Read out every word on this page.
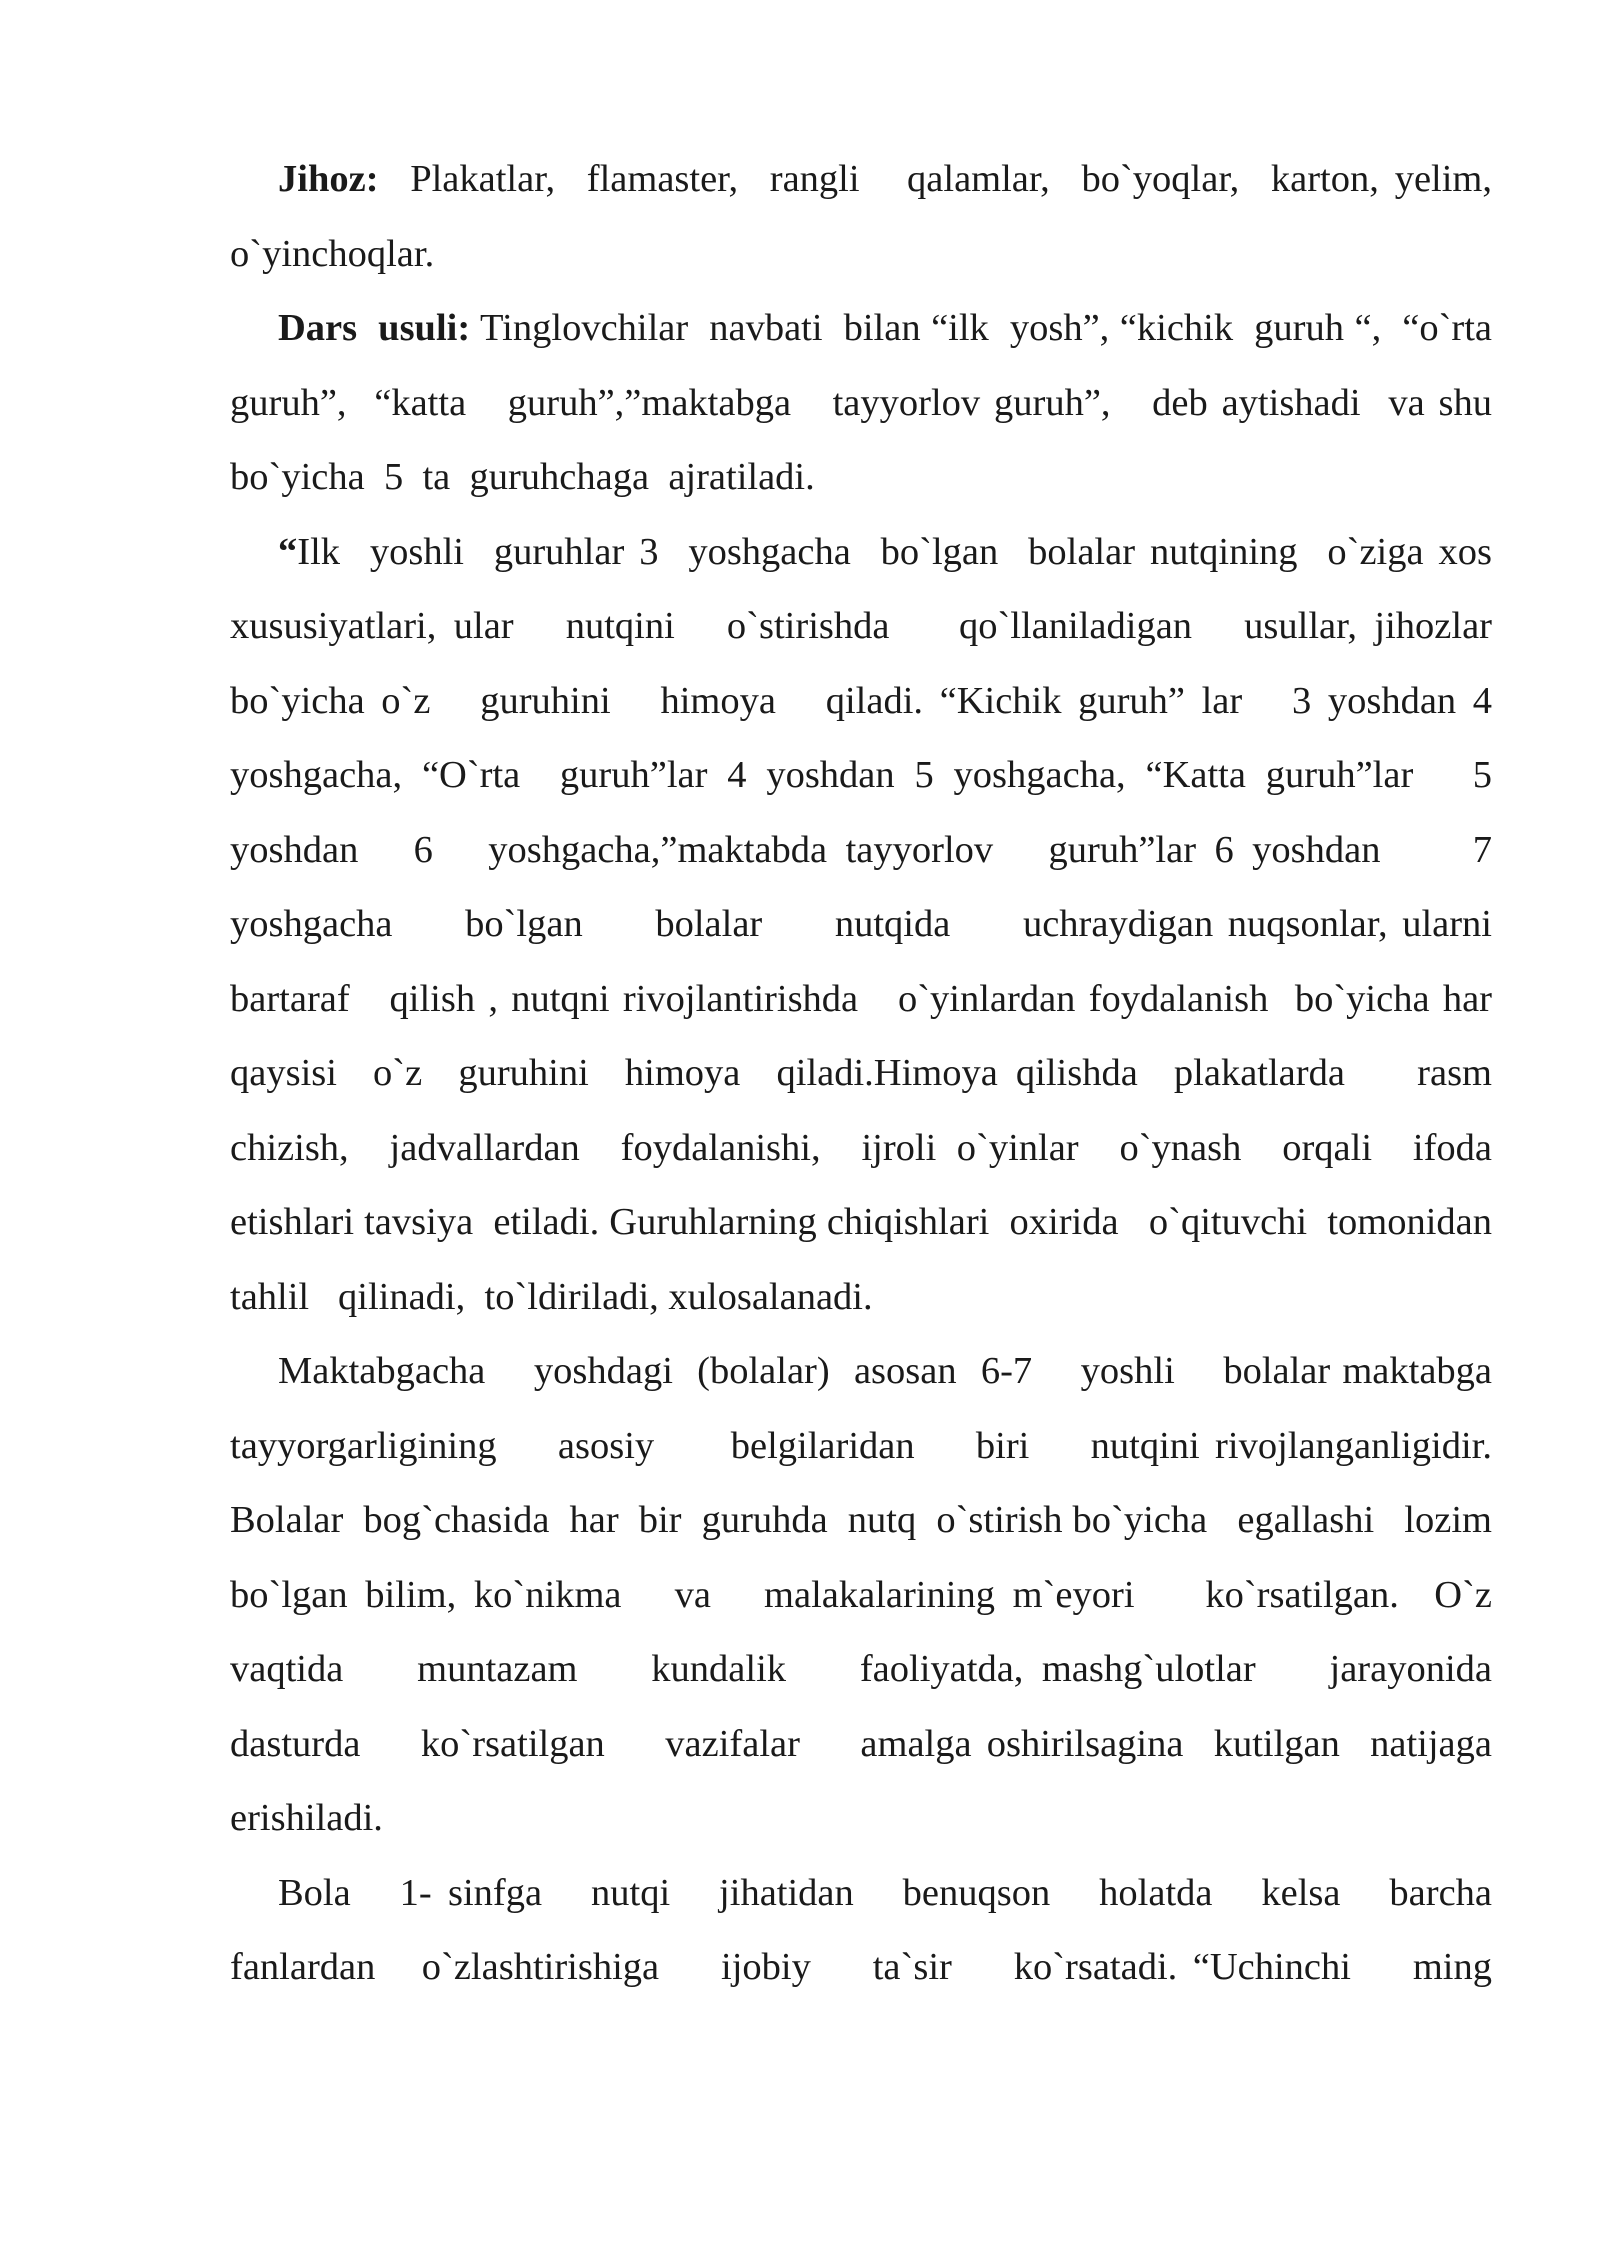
Jihoz:  Plakatlar,  flamaster,  rangli   qalamlar,  bo`yoqlar,  karton, yelim, o`yinchoqlar.

Dars  usuli: Tinglovchilar  navbati  bilan “ilk  yosh”, “kichik  guruh “,  “o`rta   guruh”,  “katta   guruh”,”maktabga   tayyorlov guruh”,   deb aytishadi  va shu  bo`yicha  5  ta  guruhchaga  ajratiladi.

“Ilk  yoshli  guruhlar 3  yoshgacha  bo`lgan  bolalar nutqining  o`ziga xos   xususiyatlari, ular   nutqini   o`stirishda    qo`llaniladigan   usullar, jihozlar   bo`yicha o`z   guruhini   himoya   qiladi. “Kichik guruh” lar   3 yoshdan 4 yoshgacha, “O`rta  guruh”lar 4 yoshdan 5 yoshgacha, “Katta guruh”lar   5 yoshdan   6   yoshgacha,”maktabda tayyorlov   guruh”lar 6 yoshdan     7 yoshgacha     bo`lgan     bolalar     nutqida     uchraydigan nuqsonlar, ularni   bartaraf   qilish , nutqni rivojlantirishda   o`yinlardan foydalanish  bo`yicha har  qaysisi  o`z  guruhini  himoya  qiladi.Himoya qilishda  plakatlarda    rasm    chizish,  jadvallardan  foydalanishi,  ijroli o`yinlar  o`ynash  orqali  ifoda    etishlari tavsiya  etiladi. Guruhlarning chiqishlari  oxirida   o`qituvchi  tomonidan  tahlil   qilinadi,  to`ldiriladi, xulosalanadi.

Maktabgacha    yoshdagi  (bolalar)  asosan  6-7    yoshli    bolalar maktabga      tayyorgarligining    asosiy     belgilaridan    biri    nutqini rivojlanganligidir. Bolalar  bog`chasida  har  bir  guruhda  nutq  o`stirish bo`yicha   egallashi   lozim   bo`lgan bilim, ko`nikma   va   malakalarining m`eyori    ko`rsatilgan.  O`z  vaqtida    muntazam    kundalik    faoliyatda, mashg`ulotlar    jarayonida    dasturda    ko`rsatilgan    vazifalar    amalga oshirilsagina  kutilgan  natijaga erishiladi.

Bola   1- sinfga   nutqi   jihatidan   benuqson   holatda   kelsa   barcha fanlardan   o`zlashtirishiga    ijobiy    ta`sir    ko`rsatadi. “Uchinchi    ming
